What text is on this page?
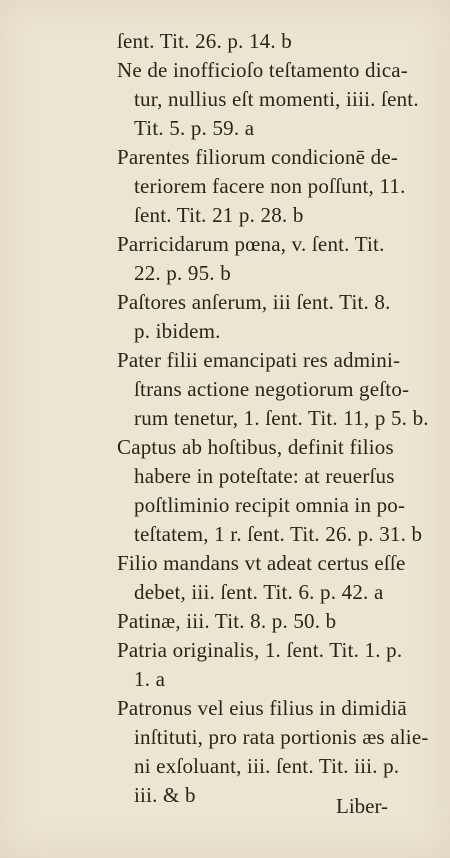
ſent. Tit. 26. p. 14. b
Ne de inofficioſo teſtamento dica-
tur, nullius eſt momenti, iiii. ſent.
Tit. 5. p. 59. a
Parentes filiorum condicionē de-
teriorem facere non poſſunt, 11.
ſent. Tit. 21 p. 28. b
Parricidarum pœna, v. ſent. Tit.
22. p. 95. b
Paſtores anſerum, iii ſent. Tit. 8.
p. ibidem.
Pater filii emancipati res admini-
ſtrans actione negotiorum geſto-
rum tenetur, 1. ſent. Tit. 11, p 5. b.
Captus ab hoſtibus, definit filios
habere in poteſtate: at reuerſus
poſtliminio recipit omnia in po-
teſtatem, 1 r. ſent. Tit. 26. p. 31. b
Filio mandans vt adeat certus eſſe
debet, iii. ſent. Tit. 6. p. 42. a
Patinæ, iii. Tit. 8. p. 50. b
Patria originalis, 1. ſent. Tit. 1. p.
1. a
Patronus vel eius filius in dimidiā
inſtituti, pro rata portionis æs alie-
ni exſoluant, iii. ſent. Tit. iii. p.
iii. & b	Liber-
